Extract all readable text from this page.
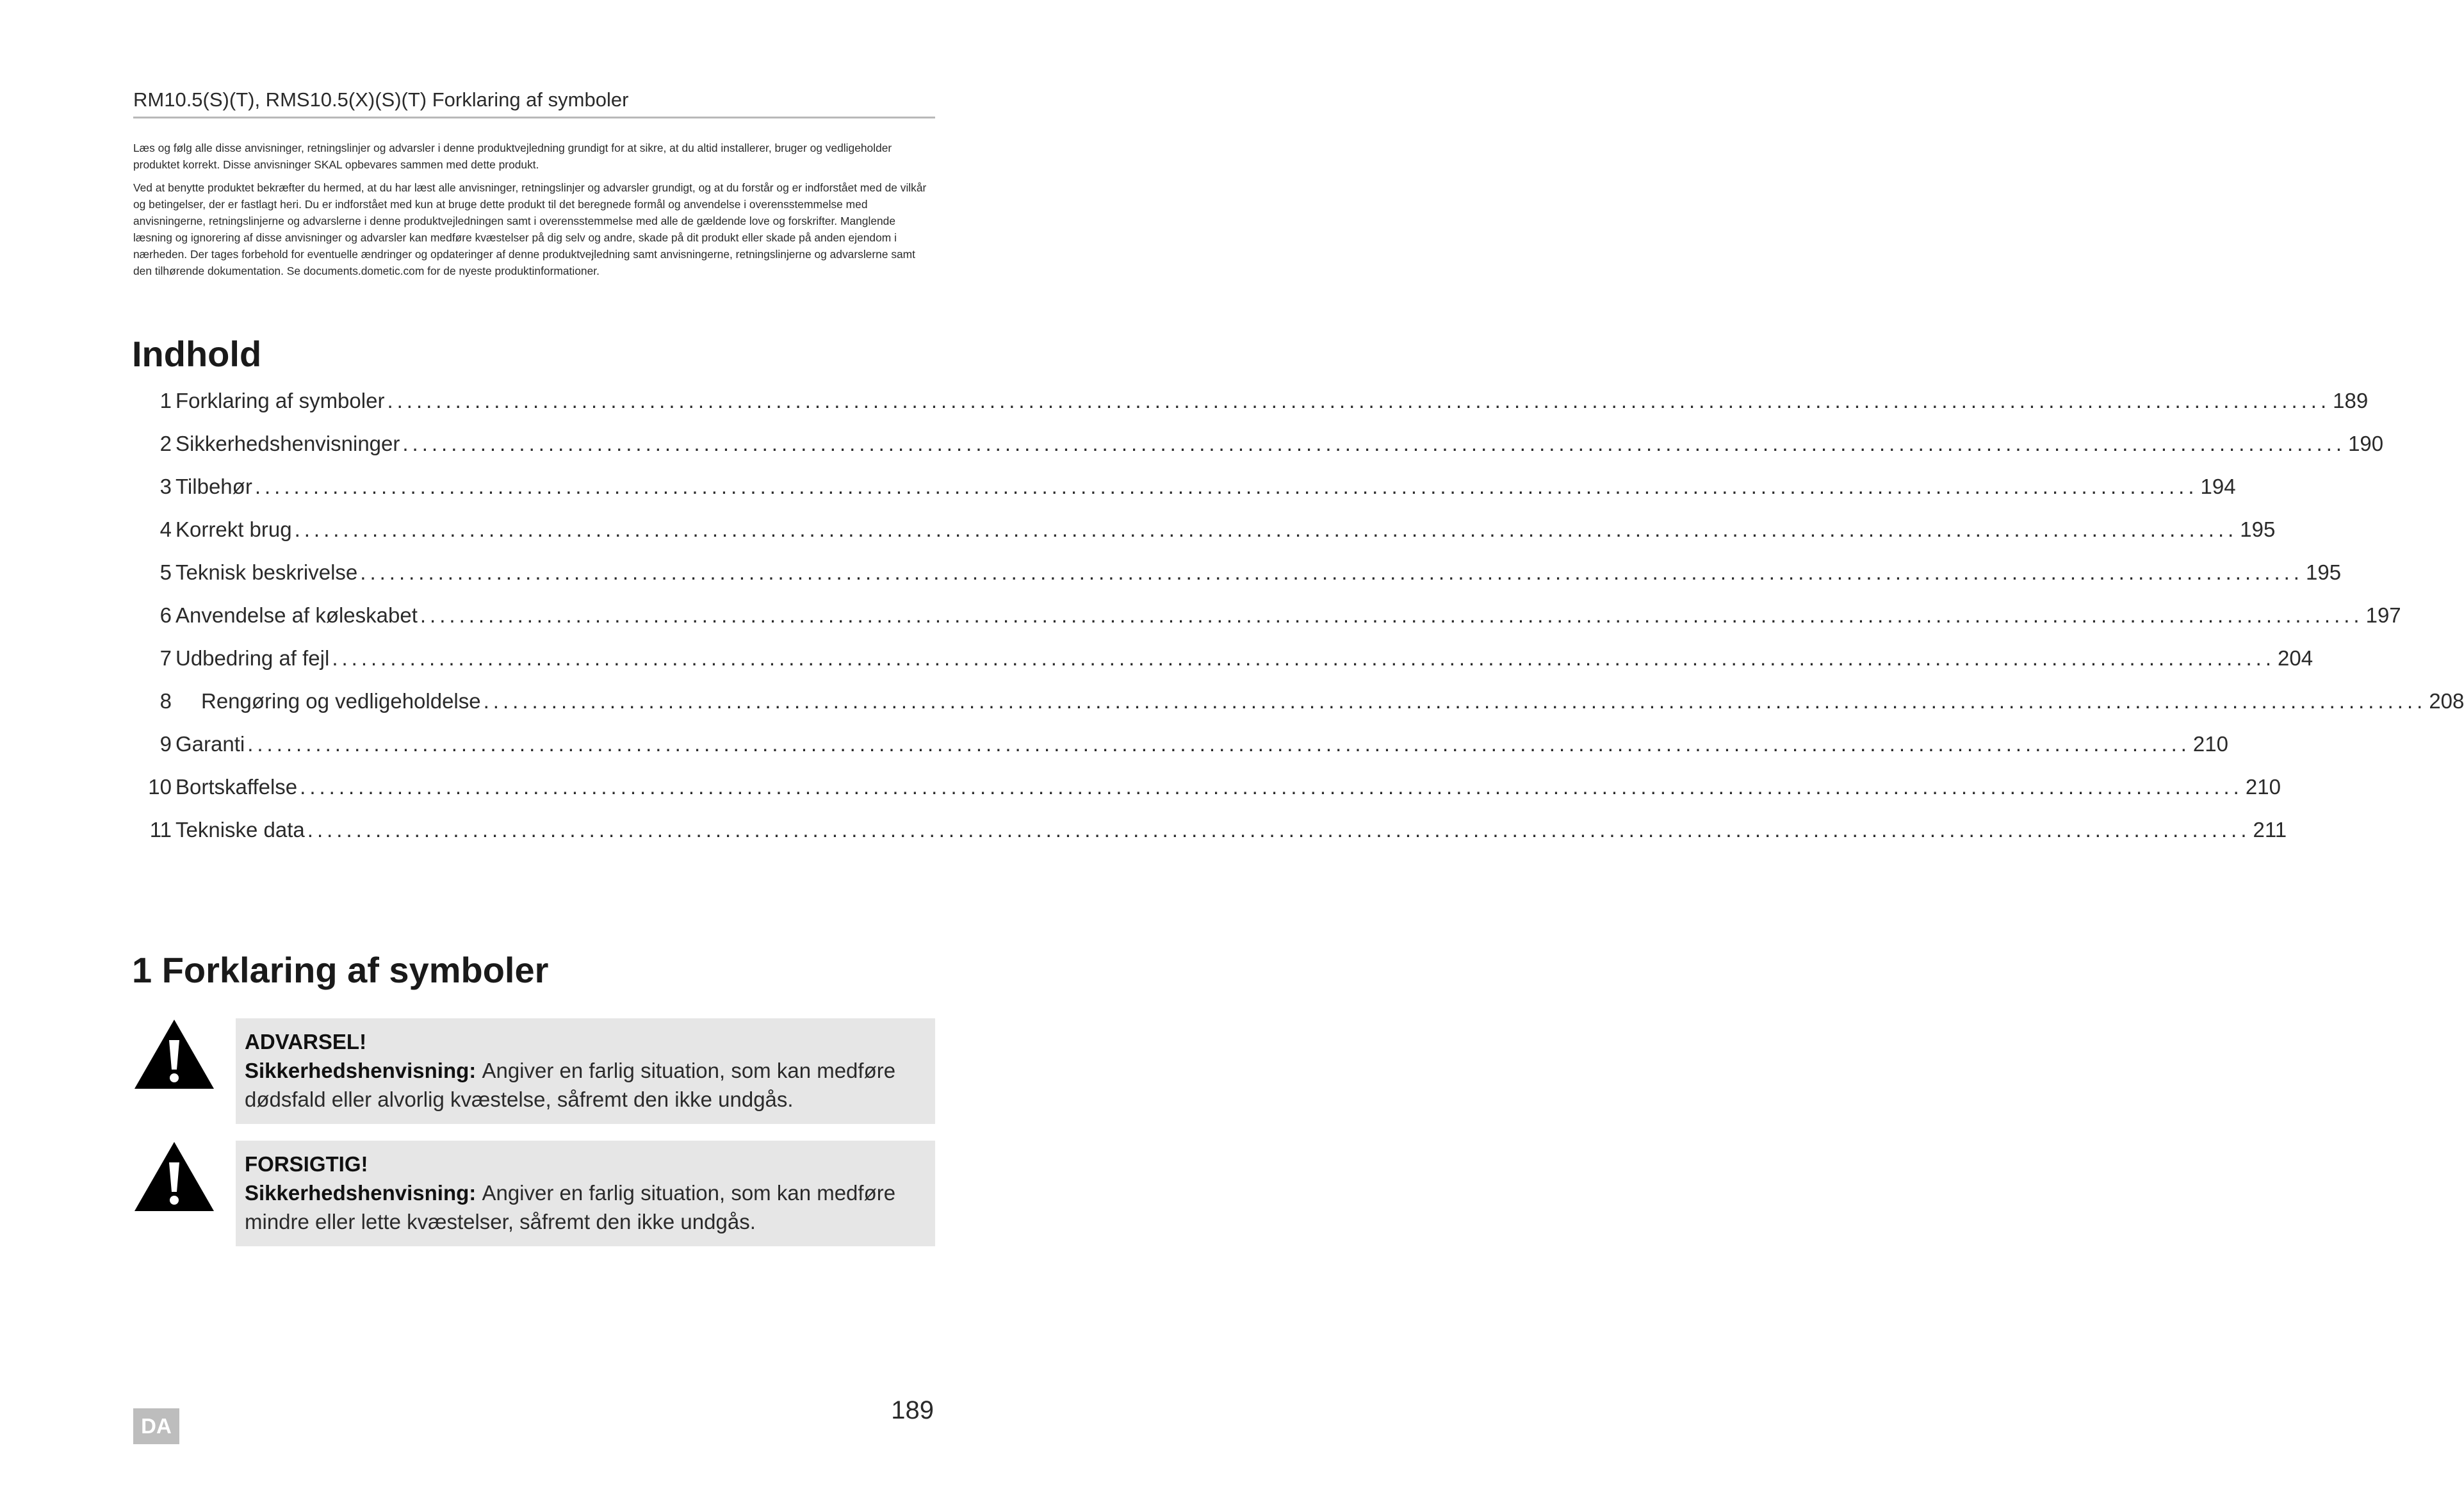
RM10.5(S)(T), RMS10.5(X)(S)(T) Forklaring af symboler

Læs og følg alle disse anvisninger, retningslinjer og advarsler i denne produktvejledning grundigt for at sikre, at du altid installerer, bruger og vedligeholder produktet korrekt. Disse anvisninger SKAL opbevares sammen med dette produkt.

Ved at benytte produktet bekræfter du hermed, at du har læst alle anvisninger, retningslinjer og advarsler grundigt, og at du forstår og er indforstået med de vilkår og betingelser, der er fastlagt heri. Du er indforstået med kun at bruge dette produkt til det beregnede formål og anvendelse i overensstemmelse med anvisningerne, retningslinjerne og advarslerne i denne produktvejledningen samt i overensstemmelse med alle de gældende love og forskrifter. Manglende læsning og ignorering af disse anvisninger og advarsler kan medføre kvæstelser på dig selv og andre, skade på dit produkt eller skade på anden ejendom i nærheden. Der tages forbehold for eventuelle ændringer og opdateringer af denne produktvejledning samt anvisningerne, retningslinjerne og advarslerne samt den tilhørende dokumentation. Se documents.dometic.com for de nyeste produktinformationer.

Indhold
1 Forklaring af symboler ........................................................................................................................................................................................................ 189
2 Sikkerhedshenvisninger ........................................................................................................................................................................................................ 190
3 Tilbehør ........................................................................................................................................................................................................ 194
4 Korrekt brug ........................................................................................................................................................................................................ 195
5 Teknisk beskrivelse ........................................................................................................................................................................................................ 195
6 Anvendelse af køleskabet ........................................................................................................................................................................................................ 197
7 Udbedring af fejl ........................................................................................................................................................................................................ 204
8	Rengøring og vedligeholdelse ........................................................................................................................................................................................................ 208
9 Garanti ........................................................................................................................................................................................................ 210
10 Bortskaffelse ........................................................................................................................................................................................................ 210
11 Tekniske data ........................................................................................................................................................................................................ 211
1 Forklaring af symboler
ADVARSEL!
Sikkerhedshenvisning: Angiver en farlig situation, som kan medføre dødsfald eller alvorlig kvæstelse, såfremt den ikke undgås.
FORSIGTIG!
Sikkerhedshenvisning: Angiver en farlig situation, som kan medføre mindre eller lette kvæstelser, såfremt den ikke undgås.
DA
189
